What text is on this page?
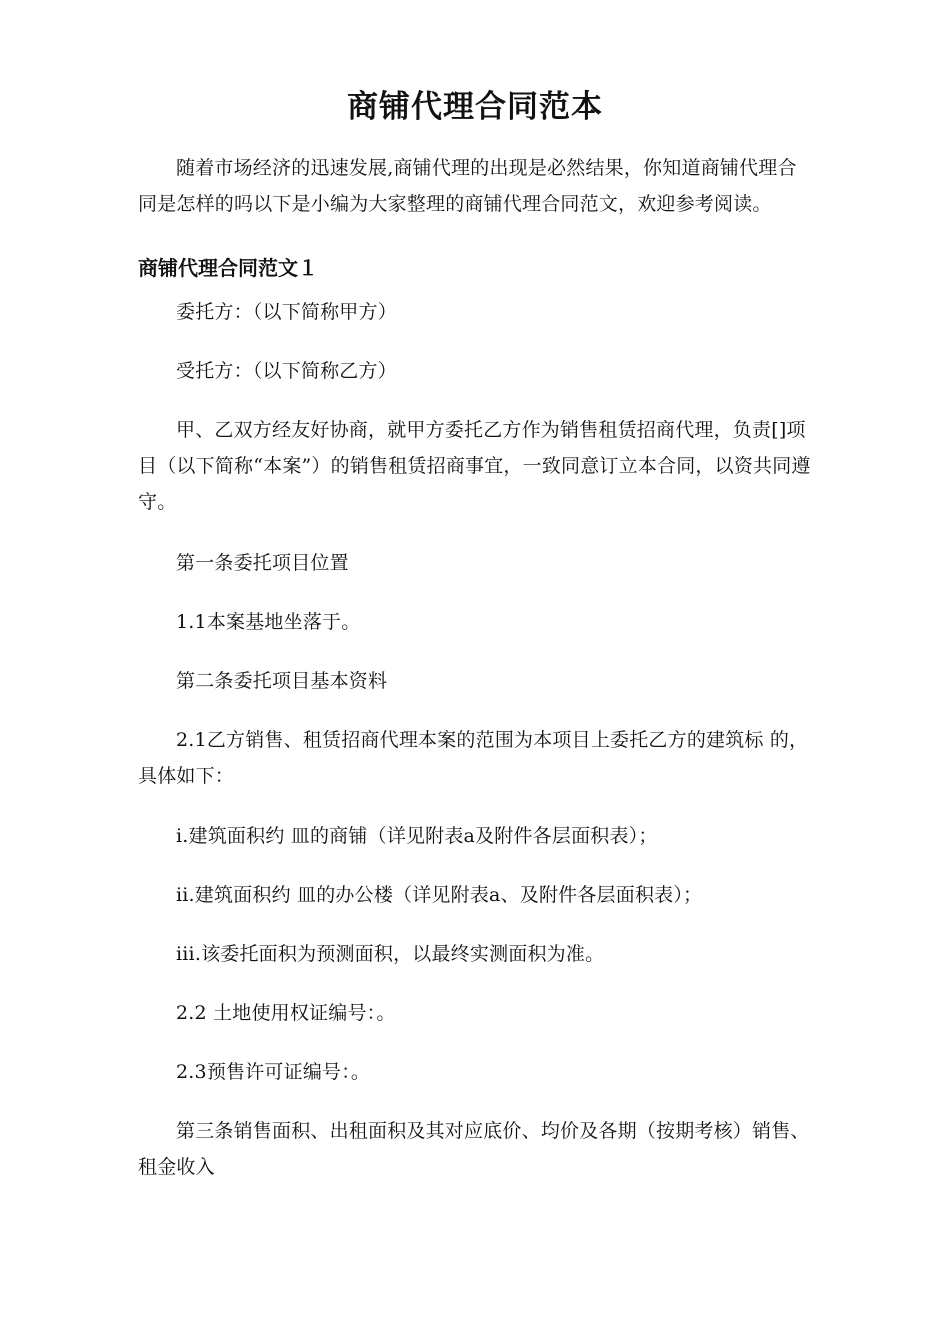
商铺代理合同范本
随着市场经济的迅速发展,商铺代理的出现是必然结果，你知道商铺代理合同是怎样的吗以下是小编为大家整理的商铺代理合同范文，欢迎参考阅读。
商铺代理合同范文１
委托方：（以下简称甲方）
受托方：（以下简称乙方）
甲、乙双方经友好协商，就甲方委托乙方作为销售租赁招商代理，负责[]项目（以下简称“本案”）的销售租赁招商事宜，一致同意订立本合同，以资共同遵守。
第一条委托项目位置
1.1本案基地坐落于。
第二条委托项目基本资料
2.1乙方销售、租赁招商代理本案的范围为本项目上委托乙方的建筑标 的，具体如下：
i.建筑面积约 皿的商铺（详见附表a及附件各层面积表）；
ii.建筑面积约 皿的办公楼（详见附表a、及附件各层面积表）；
iii.该委托面积为预测面积，以最终实测面积为准。
2.2 土地使用权证编号：。
2.3预售许可证编号：。
第三条销售面积、出租面积及其对应底价、均价及各期（按期考核）销售、租金收入
